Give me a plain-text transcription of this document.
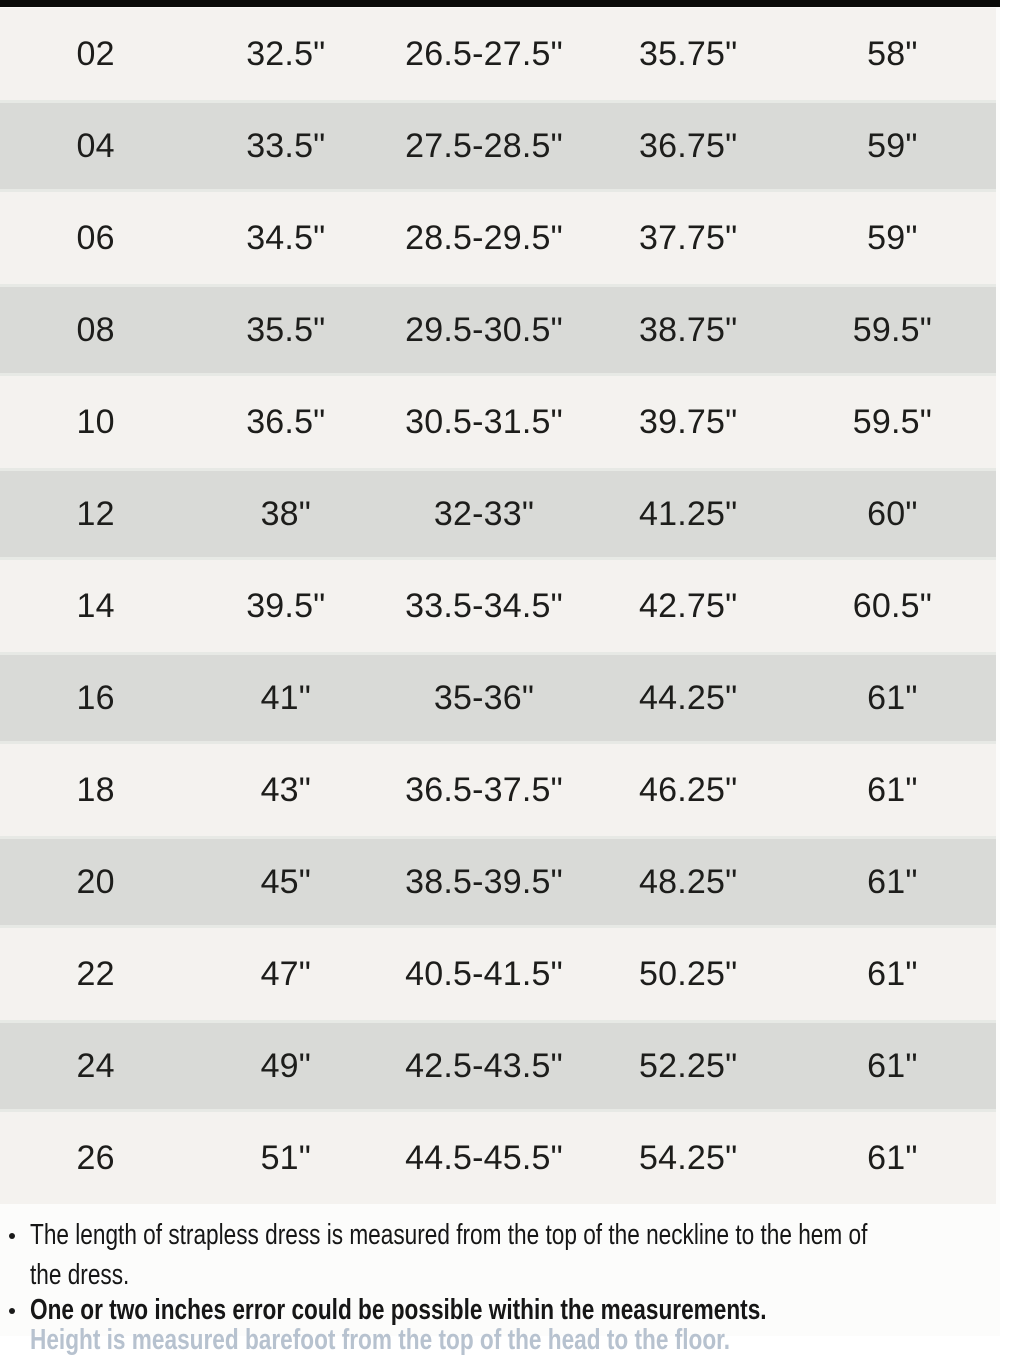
02	32.5"	26.5-27.5"	35.75"	58"
04	33.5"	27.5-28.5"	36.75"	59"
06	34.5"	28.5-29.5"	37.75"	59"
08	35.5"	29.5-30.5"	38.75"	59.5"
10	36.5"	30.5-31.5"	39.75"	59.5"
12	38"	32-33"	41.25"	60"
14	39.5"	33.5-34.5"	42.75"	60.5"
16	41"	35-36"	44.25"	61"
18	43"	36.5-37.5"	46.25"	61"
20	45"	38.5-39.5"	48.25"	61"
22	47"	40.5-41.5"	50.25"	61"
24	49"	42.5-43.5"	52.25"	61"
26	51"	44.5-45.5"	54.25"	61"
The length of strapless dress is measured from the top of the neckline to the hem of
the dress.
One or two inches error could be possible within the measurements.
Height is measured barefoot from the top of the head to the floor.
